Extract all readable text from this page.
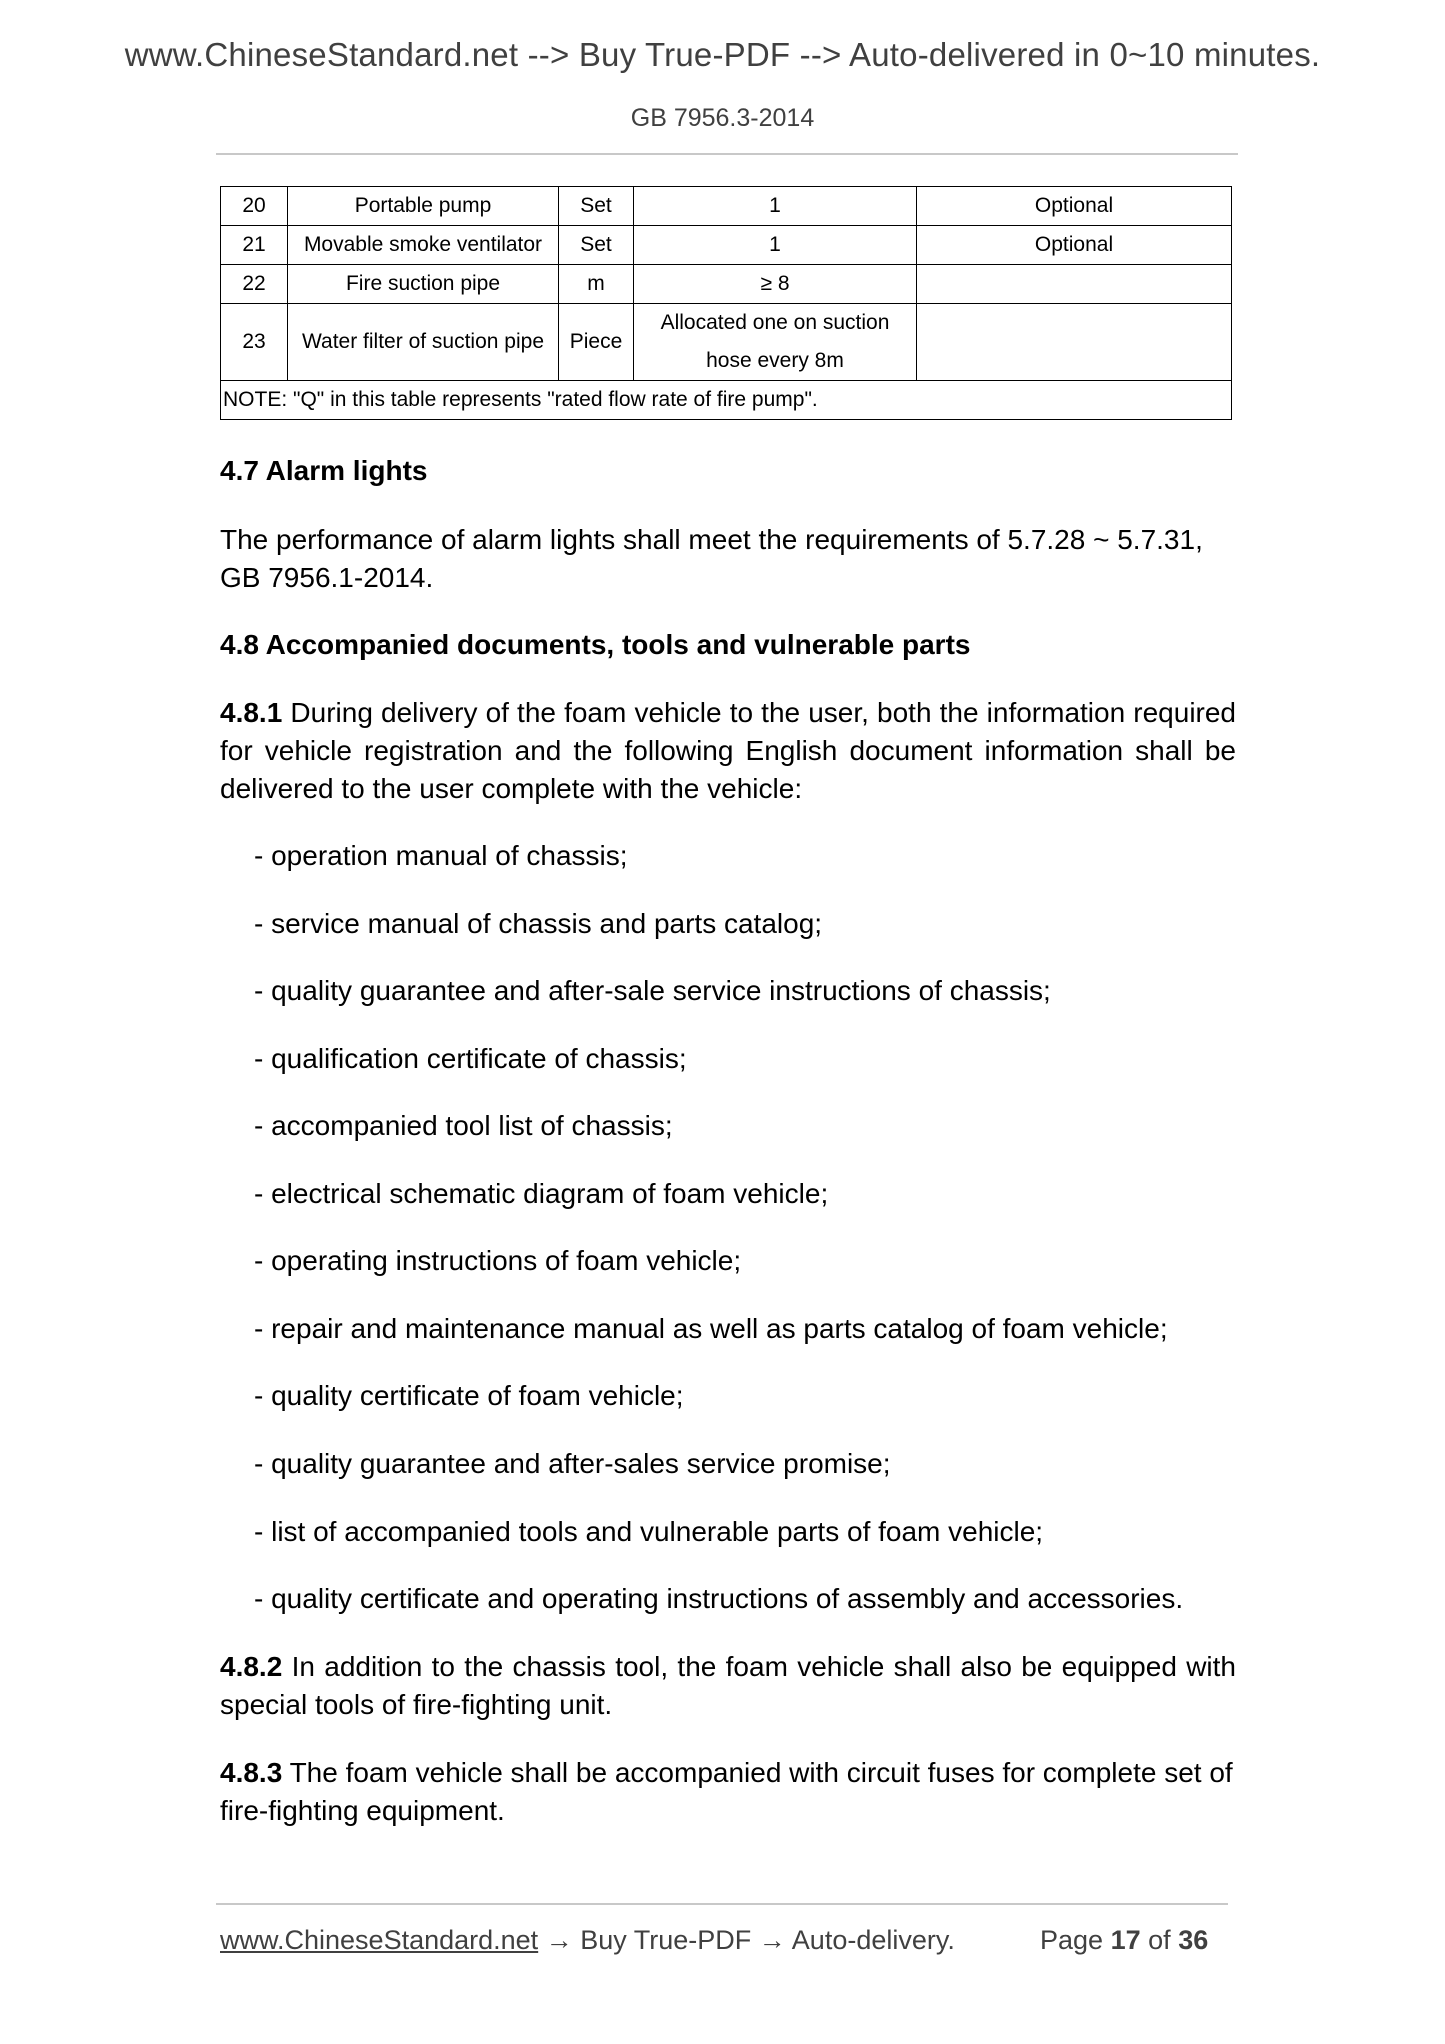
www.ChineseStandard.net --> Buy True-PDF --> Auto-delivered in 0~10 minutes.
GB 7956.3-2014
20	Portable pump	Set	1	Optional
21	Movable smoke ventilator	Set	1	Optional
22	Fire suction pipe	m	≥ 8	
23	Water filter of suction pipe	Piece	Allocated one on suction
hose every 8m	

NOTE: "Q" in this table represents "rated flow rate of fire pump".				
4.7 Alarm lights
The performance of alarm lights shall meet the requirements of 5.7.28 ~ 5.7.31, GB 7956.1-2014.
4.8 Accompanied documents, tools and vulnerable parts
4.8.1 During delivery of the foam vehicle to the user, both the information required for vehicle registration and the following English document information shall be delivered to the user complete with the vehicle:
- operation manual of chassis;
- service manual of chassis and parts catalog;
- quality guarantee and after-sale service instructions of chassis;
- qualification certificate of chassis;
- accompanied tool list of chassis;
- electrical schematic diagram of foam vehicle;
- operating instructions of foam vehicle;
- repair and maintenance manual as well as parts catalog of foam vehicle;
- quality certificate of foam vehicle;
- quality guarantee and after-sales service promise;
- list of accompanied tools and vulnerable parts of foam vehicle;
- quality certificate and operating instructions of assembly and accessories.
4.8.2 In addition to the chassis tool, the foam vehicle shall also be equipped with special tools of fire-fighting unit.
4.8.3 The foam vehicle shall be accompanied with circuit fuses for complete set of fire-fighting equipment.
www.ChineseStandard.net → Buy True-PDF → Auto-delivery.	Page 17 of 36
